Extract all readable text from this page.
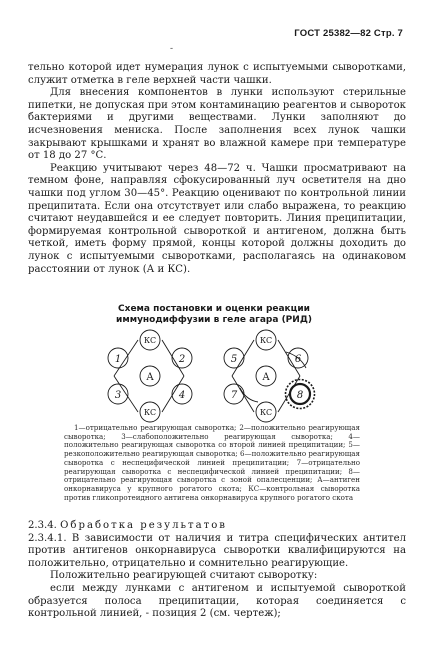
ГОСТ 25382—82 Стр. 7
-

тельно которой идет нумерация лунок с испытуемыми сыворотками, служит отметка в геле верхней части чашки.

Для внесения компонентов в лунки используют стерильные пипетки, не допуская при этом контаминацию реагентов и сывороток бактериями и другими веществами. Лунки заполняют до исчезновения мениска. После заполнения всех лунок чашки закрывают крышками и хранят во влажной камере при температуре от 18 до 27 °С.

Реакцию учитывают через 48—72 ч. Чашки просматривают на темном фоне, направляя сфокусированный луч осветителя на дно чашки под углом 30—45°. Реакцию оценивают по контрольной линии преципитата. Если она отсутствует или слабо выражена, то реакцию считают неудавшейся и ее следует повторить. Линия преципитации, формируемая контрольной сывороткой и антигеном, должна быть четкой, иметь форму прямой, концы которой должны доходить до лунок с испытуемыми сыворотками, располагаясь на одинаковом расстоянии от лунок (А и КС).

Схема постановки и оценки реакции
иммунодиффузии в геле агара (РИД)
КС
А
КС
1	2
3	4
КС
А
КС
5	6
7	8

1—отрицательно реагирующая сыворотка; 2—положительно реагирующая сыворотка; 3—слабоположительно реагирующая сыворотка; 4—положительно реагирующая сыворотка со второй линией преципитации; 5—резкоположительно реагирующая сыворотка; 6—положительно реагирующая сыворотка с неспецифической линией преципитации; 7—отрицательно реагирующая сыворотка с неспецифической линией преципитации; 8—отрицательно реагирующая сыворотка с зоной опалесценции; А—антиген онкорнавируса у крупного рогатого скота; КС—контрольная сыворотка против гликопротеидного антигена онкорнавируса крупного рогатого скота

2.3.4. Обработка результатов

2.3.4.1. В зависимости от наличия и титра специфических антител против антигенов онкорнавируса сыворотки квалифицируются на положительно, отрицательно и сомнительно реагирующие.

Положительно реагирующей считают сыворотку:

если между лунками с антигеном и испытуемой сывороткой образуется полоса преципитации, которая соединяется с контрольной линией, - позиция 2 (см. чертеж);
